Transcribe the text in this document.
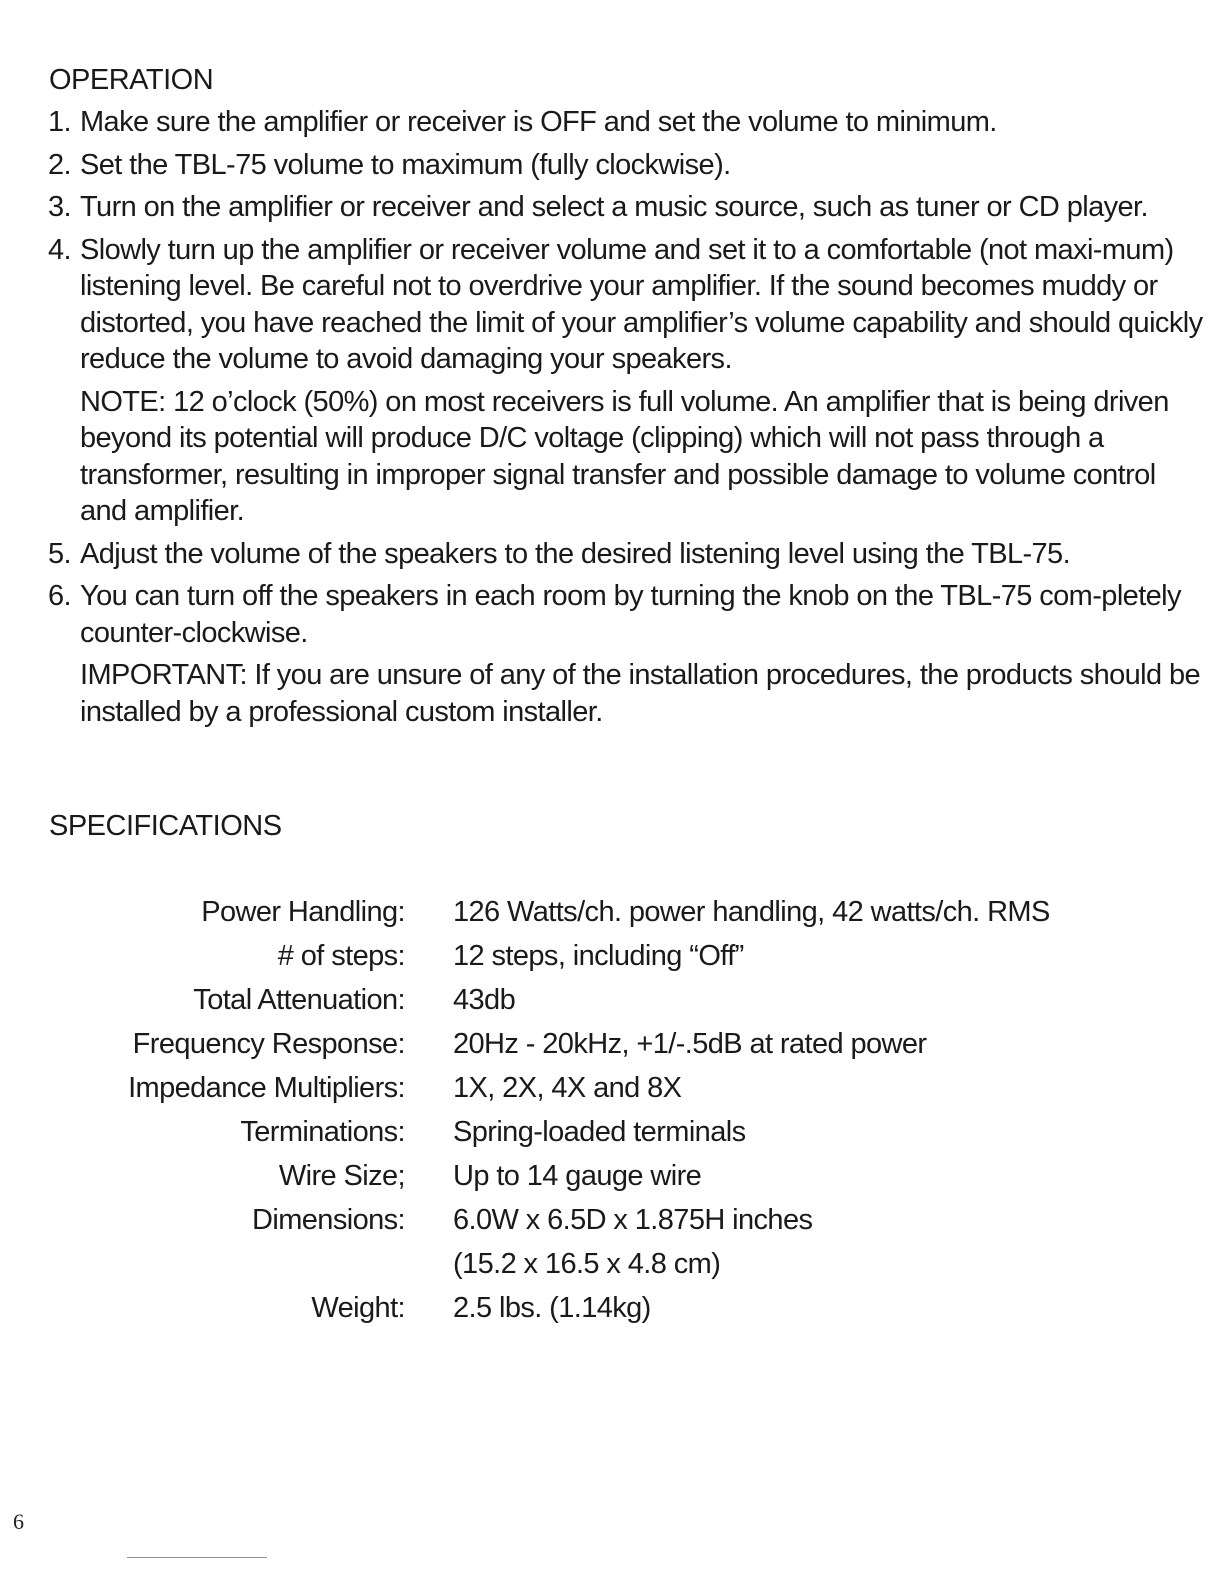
OPERATION
1. Make sure the amplifier or receiver is OFF and set the volume to minimum.

2. Set the TBL-75 volume to maximum (fully clockwise).

3. Turn on the amplifier or receiver and select a music source, such as tuner or CD player.

4. Slowly turn up the amplifier or receiver volume and set it to a comfortable (not maxi-mum) listening level. Be careful not to overdrive your amplifier. If the sound becomes muddy or distorted, you have reached the limit of your amplifier’s volume capability and should quickly reduce the volume to avoid damaging your speakers.

NOTE: 12 o’clock (50%) on most receivers is full volume. An amplifier that is being driven beyond its potential will produce D/C voltage (clipping) which will not pass through a transformer, resulting in improper signal transfer and possible damage to volume control and amplifier.

5. Adjust the volume of the speakers to the desired listening level using the TBL-75.

6. You can turn off the speakers in each room by turning the knob on the TBL-75 com-pletely counter-clockwise.

IMPORTANT: If you are unsure of any of the installation procedures, the products should be installed by a professional custom installer.

SPECIFICATIONS
Power Handling: 126 Watts/ch. power handling, 42 watts/ch. RMS
# of steps: 12 steps, including “Off”
Total Attenuation: 43db
Frequency Response: 20Hz - 20kHz, +1/-.5dB at rated power
Impedance Multipliers: 1X, 2X, 4X and 8X
Terminations: Spring-loaded terminals
Wire Size; Up to 14 gauge wire
Dimensions: 6.0W x 6.5D x 1.875H inches
(15.2 x 16.5 x 4.8 cm)
Weight: 2.5 lbs. (1.14kg)
6
